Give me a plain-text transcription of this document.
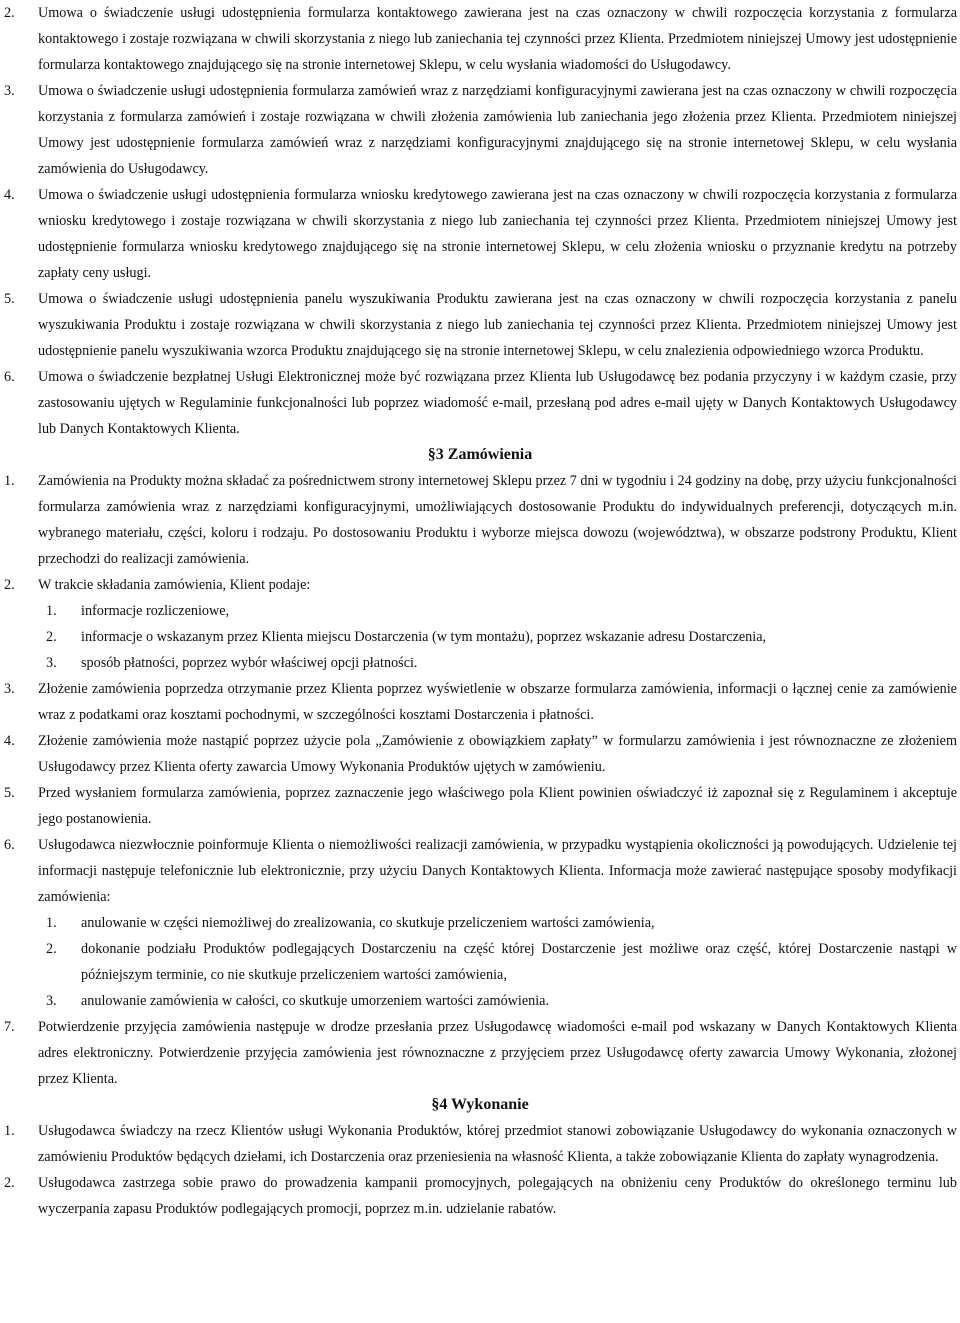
2. Umowa o świadczenie usługi udostępnienia formularza kontaktowego zawierana jest na czas oznaczony w chwili rozpoczęcia korzystania z formularza kontaktowego i zostaje rozwiązana w chwili skorzystania z niego lub zaniechania tej czynności przez Klienta. Przedmiotem niniejszej Umowy jest udostępnienie formularza kontaktowego znajdującego się na stronie internetowej Sklepu, w celu wysłania wiadomości do Usługodawcy.
3. Umowa o świadczenie usługi udostępnienia formularza zamówień wraz z narzędziami konfiguracyjnymi zawierana jest na czas oznaczony w chwili rozpoczęcia korzystania z formularza zamówień i zostaje rozwiązana w chwili złożenia zamówienia lub zaniechania jego złożenia przez Klienta. Przedmiotem niniejszej Umowy jest udostępnienie formularza zamówień wraz z narzędziami konfiguracyjnymi znajdującego się na stronie internetowej Sklepu, w celu wysłania zamówienia do Usługodawcy.
4. Umowa o świadczenie usługi udostępnienia formularza wniosku kredytowego zawierana jest na czas oznaczony w chwili rozpoczęcia korzystania z formularza wniosku kredytowego i zostaje rozwiązana w chwili skorzystania z niego lub zaniechania tej czynności przez Klienta. Przedmiotem niniejszej Umowy jest udostępnienie formularza wniosku kredytowego znajdującego się na stronie internetowej Sklepu, w celu złożenia wniosku o przyznanie kredytu na potrzeby zapłaty ceny usługi.
5. Umowa o świadczenie usługi udostępnienia panelu wyszukiwania Produktu zawierana jest na czas oznaczony w chwili rozpoczęcia korzystania z panelu wyszukiwania Produktu i zostaje rozwiązana w chwili skorzystania z niego lub zaniechania tej czynności przez Klienta. Przedmiotem niniejszej Umowy jest udostępnienie panelu wyszukiwania wzorca Produktu znajdującego się na stronie internetowej Sklepu, w celu znalezienia odpowiedniego wzorca Produktu.
6. Umowa o świadczenie bezpłatnej Usługi Elektronicznej może być rozwiązana przez Klienta lub Usługodawcę bez podania przyczyny i w każdym czasie, przy zastosowaniu ujętych w Regulaminie funkcjonalności lub poprzez wiadomość e-mail, przesłaną pod adres e-mail ujęty w Danych Kontaktowych Usługodawcy lub Danych Kontaktowych Klienta.
§3 Zamówienia
1. Zamówienia na Produkty można składać za pośrednictwem strony internetowej Sklepu przez 7 dni w tygodniu i 24 godziny na dobę, przy użyciu funkcjonalności formularza zamówienia wraz z narzędziami konfiguracyjnymi, umożliwiających dostosowanie Produktu do indywidualnych preferencji, dotyczących m.in. wybranego materiału, części, koloru i rodzaju. Po dostosowaniu Produktu i wyborze miejsca dowozu (województwa), w obszarze podstrony Produktu, Klient przechodzi do realizacji zamówienia.
2. W trakcie składania zamówienia, Klient podaje:
1. informacje rozliczeniowe,
2. informacje o wskazanym przez Klienta miejscu Dostarczenia (w tym montażu), poprzez wskazanie adresu Dostarczenia,
3. sposób płatności, poprzez wybór właściwej opcji płatności.
3. Złożenie zamówienia poprzedza otrzymanie przez Klienta poprzez wyświetlenie w obszarze formularza zamówienia, informacji o łącznej cenie za zamówienie wraz z podatkami oraz kosztami pochodnymi, w szczególności kosztami Dostarczenia i płatności.
4. Złożenie zamówienia może nastąpić poprzez użycie pola „Zamówienie z obowiązkiem zapłaty” w formularzu zamówienia i jest równoznaczne ze złożeniem Usługodawcy przez Klienta oferty zawarcia Umowy Wykonania Produktów ujętych w zamówieniu.
5. Przed wysłaniem formularza zamówienia, poprzez zaznaczenie jego właściwego pola Klient powinien oświadczyć iż zapoznał się z Regulaminem i akceptuje jego postanowienia.
6. Usługodawca niezwłocznie poinformuje Klienta o niemożliwości realizacji zamówienia, w przypadku wystąpienia okoliczności ją powodujących. Udzielenie tej informacji następuje telefonicznie lub elektronicznie, przy użyciu Danych Kontaktowych Klienta. Informacja może zawierać następujące sposoby modyfikacji zamówienia:
1. anulowanie w części niemożliwej do zrealizowania, co skutkuje przeliczeniem wartości zamówienia,
2. dokonanie podziału Produktów podlegających Dostarczeniu na część której Dostarczenie jest możliwe oraz część, której Dostarczenie nastąpi w późniejszym terminie, co nie skutkuje przeliczeniem wartości zamówienia,
3. anulowanie zamówienia w całości, co skutkuje umorzeniem wartości zamówienia.
7. Potwierdzenie przyjęcia zamówienia następuje w drodze przesłania przez Usługodawcę wiadomości e-mail pod wskazany w Danych Kontaktowych Klienta adres elektroniczny. Potwierdzenie przyjęcia zamówienia jest równoznaczne z przyjęciem przez Usługodawcę oferty zawarcia Umowy Wykonania, złożonej przez Klienta.
§4 Wykonanie
1. Usługodawca świadczy na rzecz Klientów usługi Wykonania Produktów, której przedmiot stanowi zobowiązanie Usługodawcy do wykonania oznaczonych w zamówieniu Produktów będących dziełami, ich Dostarczenia oraz przeniesienia na własność Klienta, a także zobowiązanie Klienta do zapłaty wynagrodzenia.
2. Usługodawca zastrzega sobie prawo do prowadzenia kampanii promocyjnych, polegających na obniżeniu ceny Produktów do określonego terminu lub wyczerpania zapasu Produktów podlegających promocji, poprzez m.in. udzielanie rabatów.
